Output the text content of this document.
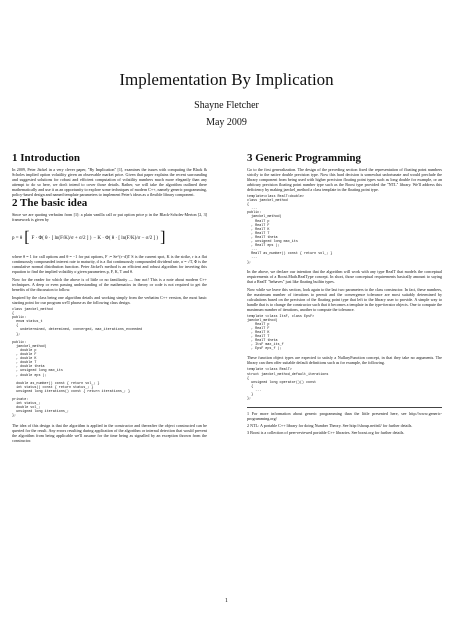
Implementation By Implication
Shayne Fletcher
May 2009
1 Introduction

In 2009, Peter Jäckel in a very clever paper, "By Implication" [1], examines the issues with computing the Black & Scholes implied option volatility given an observable market price. Given that paper explains the recent surrounding and suggested solutions for robust and efficient computation of volatility numbers much more elegantly than any attempt to do so here, we don't intend to cover those details. Rather, we will take the algorithm outlined there mathematically and use it as an opportunity to explore some techniques of modern C++, namely generic programming, policy-based design and named template parameters to implement Peter's ideas as a flexible library component.

2 The basic idea

Since we are quoting verbatim from [1]: a plain vanilla call or put option price p in the Black-Scholes-Merton [2, 3] framework is given by

p = θ [ F · Φ( θ · [ ln(F/K)/σ + σ/2 ] ) − K · Φ( θ · [ ln(F/K)/σ − σ/2 ] ) ]

where θ = 1 for call options and θ = −1 for put options, F := Se^(r−d)T S is the current spot, K is the strike, r is a flat continuously compounded interest rate to maturity, d is a flat continuously compounded dividend rate, σ = √T, Φ is the cumulative normal distribution function. Peter Jäckel's method is an efficient and robust algorithm for inverting this equation to find the implied volatility σ given parameters p, F, K, T and θ.

Now for the reader for which the above is of little or no familiarity — fear not! This is a note about modern C++ techniques. A deep or even passing understanding of the mathematics in theory or code is not required to get the benefits of the discussion to follow.

Inspired by the class being one algorithm details and working simply from the verbatim C++ version, the most basic starting point for our program we'll phrase as the following class design.

class jaeckel_method
{
public:
enum status_t
{
undetermined, determined, converged, max_iterations_exceeded
};

public:
jaeckel_method(
double p
, double F
, double K
, double T
, double theta
, unsigned long max_its
, double eps );

double as_number() const { return vol_; }
int status() const { return status_; }
unsigned long iterations() const { return iterations_; }

private:
int status_;
double vol_;
unsigned long iterations_;
};

The idea of this design is that the algorithm is applied in the constructor and thereafter the object constructed can be queried for the result. Any errors resulting during application of the algorithm or internal detection that would prevent the algorithm from being applicable we'll assume for the time being as signalled by an exception thrown from the constructor.

3 Generic Programming

Go to the first generalization. The design of the preceding section fixed the representation of floating point numbers strictly to the native double precision type. Now this hard decision is somewhat unfortunate and would preclude the library component from being used with higher precision floating point types such as long double for example, or an arbitrary precision floating point number type such as the Boost type provided the "NTL" library. We'll address this deficiency by making jaeckel_method a class template in the floating point type.

template<class RealT=double>
class jaeckel_method
{
...
public:
jaeckel_method(
RealT p
, RealT F
, RealT K
, RealT T
, RealT theta
, unsigned long max_its
, RealT eps );
...
RealT as_number() const { return vol_; }
...
};

In the above, we declare our intention that the algorithm will work with any type RealT that models the conceptual requirements of a Boost.Math.RealType concept. In short, those conceptual requirements basically amount to saying that a RealT "behaves" just like floating builtin types.

Now while we leave this section, look again to the last two parameters to the class constructor. In fact, these numbers, the maximum number of iterations to permit and the convergence tolerance are most suitably determined by calculations based on the precision of the floating point type that left to the library user to provide. A simple way to handle that is to change the constructor such that it becomes a template in the type-iterator objects. One to compute the maximum number of iterations, another to compute the tolerance.

template <class ItsF, class EpsF>
jaeckel_method(
RealT p
, RealT F
, RealT K
, RealT T
, RealT theta
, ItsF max_its_f
, EpsF eps_f );

These function object types are expected to satisfy a NullaryFunction concept, in that they take no arguments. The library can then offer suitable default definitions such as for example, the following.

template <class RealT>
struct jaeckel_method_default_iterations
{
unsigned long operator()() const
{
...
}
};

1 For more information about generic programming than the little presented here, see http://www.generic-programming.org/

2 NTL: A portable C++ library for doing Number Theory. See http://shoup.net/ntl/ for further details.

3 Boost is a collection of peer-reviewed portable C++ libraries. See boost.org for further details.

1
